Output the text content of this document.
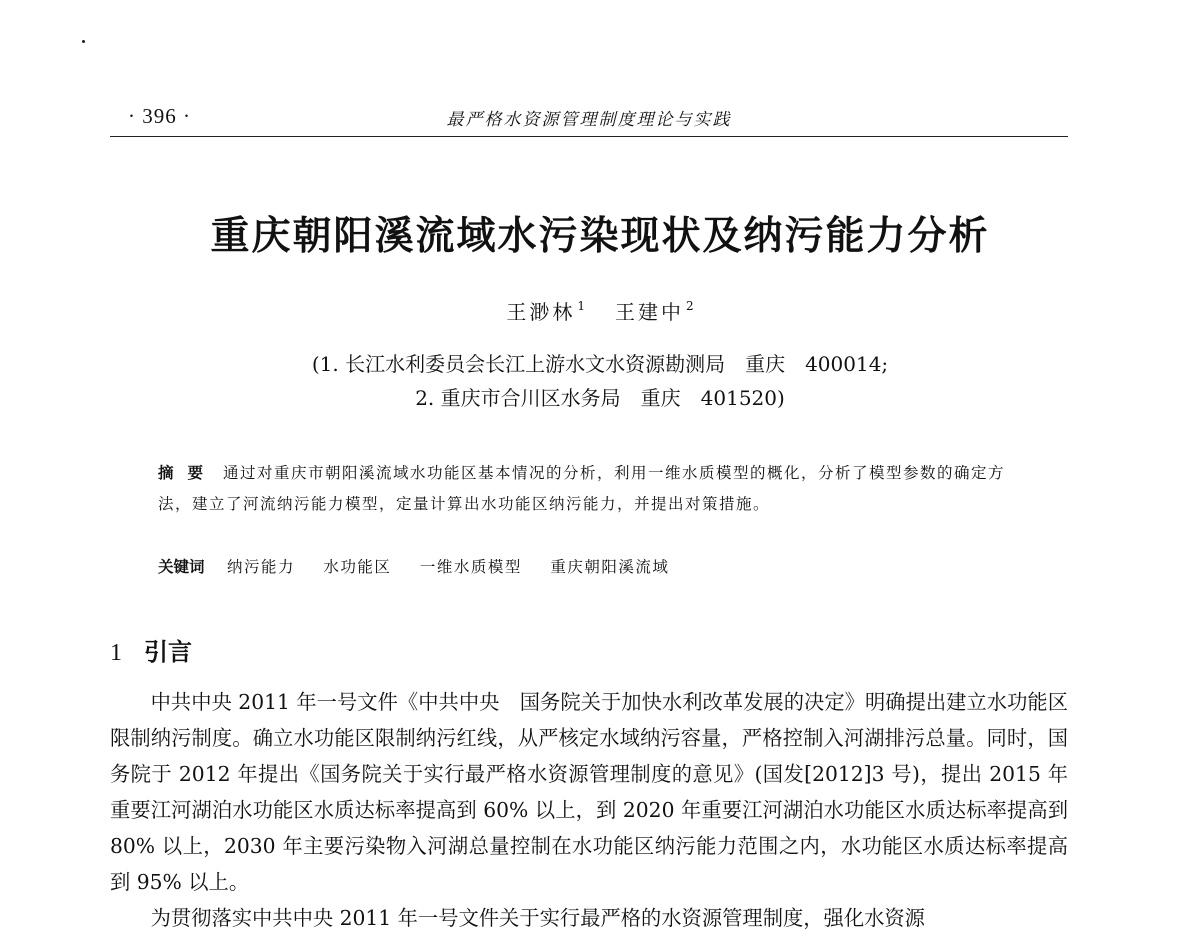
· 396 ·	最严格水资源管理制度理论与实践
重庆朝阳溪流域水污染现状及纳污能力分析
王渺林 $^1$ 王建中 $^2$
(1. 长江水利委员会长江上游水文水资源勘测局　重庆　400014;
2. 重庆市合川区水务局　重庆　401520)
摘要 通过对重庆市朝阳溪流域水功能区基本情况的分析，利用一维水质模型的概化，分析了模型参数的确定方法，建立了河流纳污能力模型，定量计算出水功能区纳污能力，并提出对策措施。
关键词 纳污能力 水功能区 一维水质模型 重庆朝阳溪流域
1 引言

中共中央 2011 年一号文件《中共中央　国务院关于加快水利改革发展的决定》明确提出建立水功能区限制纳污制度。确立水功能区限制纳污红线，从严核定水域纳污容量，严格控制入河湖排污总量。同时，国务院于 2012 年提出《国务院关于实行最严格水资源管理制度的意见》(国发[2012]3 号)，提出 2015 年重要江河湖泊水功能区水质达标率提高到 60% 以上，到 2020 年重要江河湖泊水功能区水质达标率提高到 80% 以上，2030 年主要污染物入河湖总量控制在水功能区纳污能力范围之内，水功能区水质达标率提高到 95% 以上。

为贯彻落实中共中央 2011 年一号文件关于实行最严格的水资源管理制度，强化水资源
